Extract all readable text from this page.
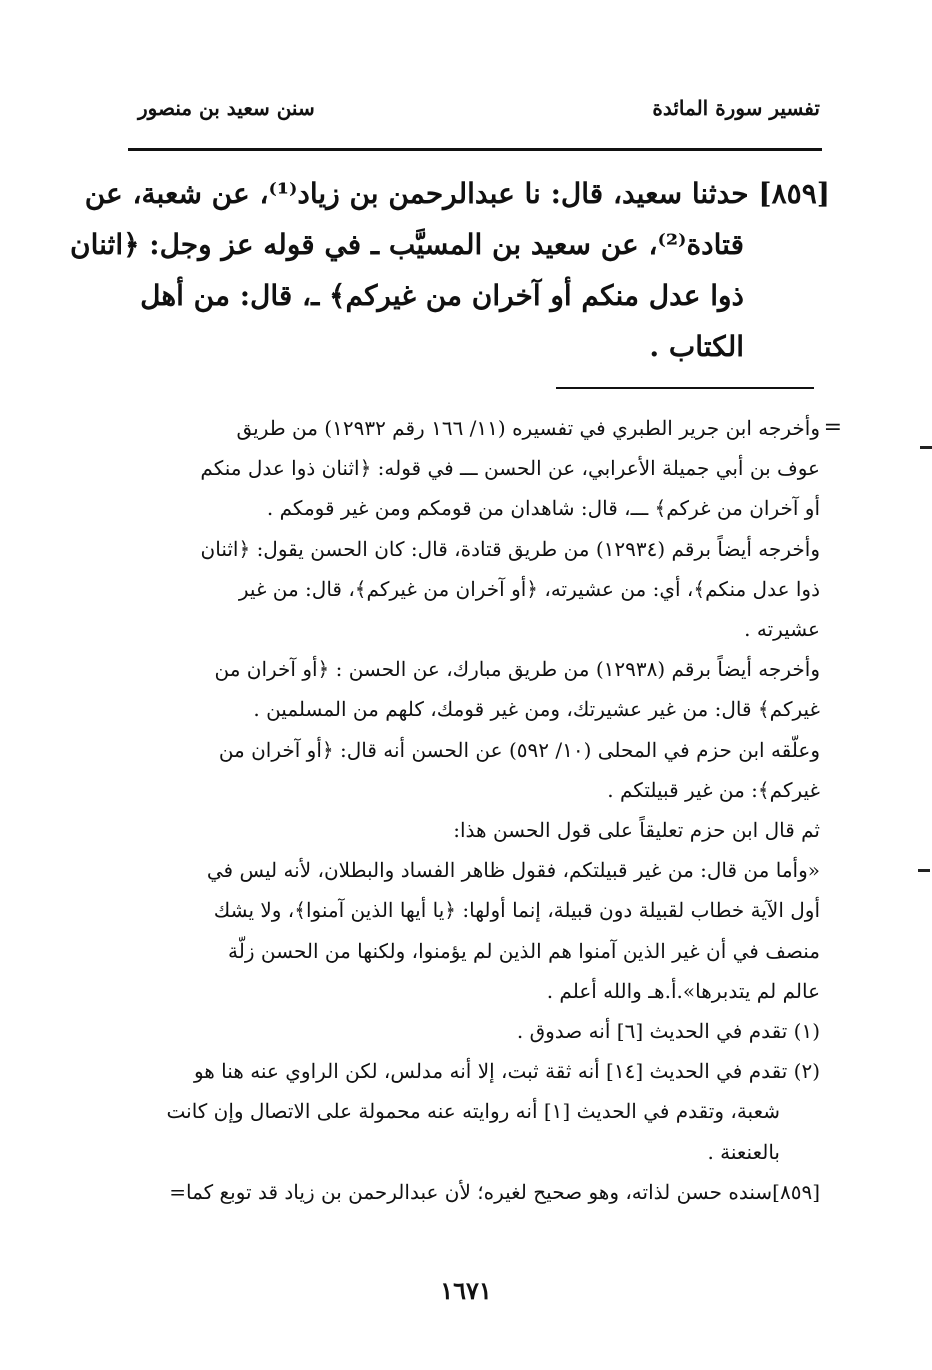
تفسير سورة المائدة
سنن سعيد بن منصور
[٨٥٩] حدثنا سعيد، قال: نا عبدالرحمن بن زياد⁽¹⁾، عن شعبة، عن
قتادة⁽²⁾، عن سعيد بن المسيَّب ـ في قوله عز وجل: ﴿اثنان
ذوا عدل منكم أو آخران من غيركم﴾ ـ، قال: من أهل
الكتاب .
=
وأخرجه ابن جرير الطبري في تفسيره (١١/ ١٦٦ رقم ١٢٩٣٢) من طريق
عوف بن أبي جميلة الأعرابي، عن الحسن ـــ في قوله: ﴿اثنان ذوا عدل منكم
أو آخران من غركم﴾ ـــ، قال: شاهدان من قومكم ومن غير قومكم .
وأخرجه أيضاً برقم (١٢٩٣٤) من طريق قتادة، قال: كان الحسن يقول: ﴿اثنان
ذوا عدل منكم﴾، أي: من عشيرته، ﴿أو آخران من غيركم﴾، قال: من غير
عشيرته .
وأخرجه أيضاً برقم (١٢٩٣٨) من طريق مبارك، عن الحسن : ﴿أو آخران من
غيركم﴾ قال: من غير عشيرتك، ومن غير قومك، كلهم من المسلمين .
وعلّقه ابن حزم في المحلى (١٠/ ٥٩٢) عن الحسن أنه قال: ﴿أو آخران من
غيركم﴾: من غير قبيلتكم .
ثم قال ابن حزم تعليقاً على قول الحسن هذا:
«وأما من قال: من غير قبيلتكم، فقول ظاهر الفساد والبطلان، لأنه ليس في
أول الآية خطاب لقبيلة دون قبيلة، إنما أولها: ﴿يا أيها الذين آمنوا﴾، ولا يشك
منصف في أن غير الذين آمنوا هم الذين لم يؤمنوا، ولكنها من الحسن زلّة
عالم لم يتدبرها».أ.هـ والله أعلم .
(١) تقدم في الحديث [٦] أنه صدوق .
(٢) تقدم في الحديث [١٤] أنه ثقة ثبت، إلا أنه مدلس، لكن الراوي عنه هنا هو
شعبة، وتقدم في الحديث [١] أنه روايته عنه محمولة على الاتصال وإن كانت
بالعنعنة .
[٨٥٩]سنده حسن لذاته، وهو صحيح لغيره؛ لأن عبدالرحمن بن زياد قد توبع كما=
١٦٧١
